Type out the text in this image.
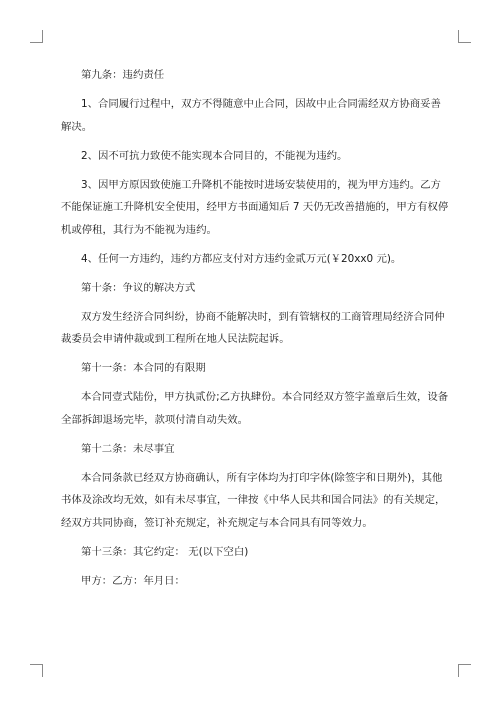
第九条：违约责任
1、合同履行过程中，双方不得随意中止合同，因故中止合同需经双方协商妥善
解决。
2、因不可抗力致使不能实现本合同目的，不能视为违约。
3、因甲方原因致使施工升降机不能按时进场安装使用的，视为甲方违约。乙方
不能保证施工升降机安全使用，经甲方书面通知后 7 天仍无改善措施的，甲方有权停
机或停租，其行为不能视为违约。
4、任何一方违约，违约方都应支付对方违约金贰万元(￥20xx0 元)。
第十条：争议的解决方式
双方发生经济合同纠纷，协商不能解决时，到有管辖权的工商管理局经济合同仲
裁委员会申请仲裁或到工程所在地人民法院起诉。
第十一条：本合同的有限期
本合同壹式陆份，甲方执贰份;乙方执肆份。本合同经双方签字盖章后生效，设备
全部拆卸退场完毕，款项付清自动失效。
第十二条：未尽事宜
本合同条款已经双方协商确认，所有字体均为打印字体(除签字和日期外)，其他
书体及涂改均无效，如有未尽事宜，一律按《中华人民共和国合同法》的有关规定，
经双方共同协商，签订补充规定，补充规定与本合同具有同等效力。
第十三条：其它约定： 无(以下空白)
甲方：乙方：年月日：
